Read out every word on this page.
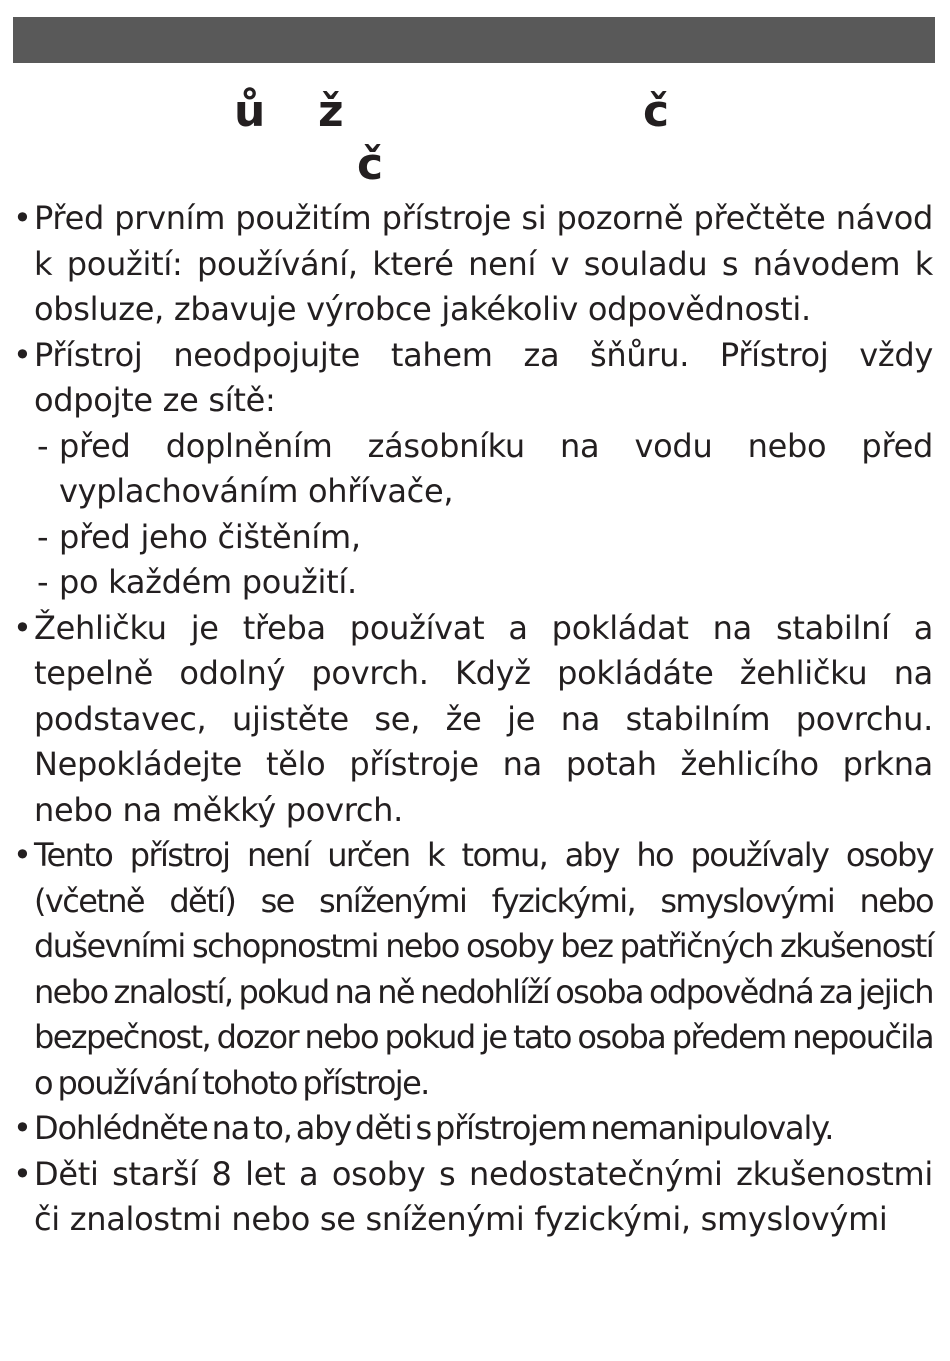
ů ž	č
č
• Před prvním použitím přístroje si pozorně přečtěte návod k použití: používání, které není v souladu s návodem k obsluze, zbavuje výrobce jakékoliv odpovědnosti.
• Přístroj neodpojujte tahem za šňůru. Přístroj vždy odpojte ze sítě:
- před doplněním zásobníku na vodu nebo před vyplachováním ohřívače,
- před jeho čištěním,
- po každém použití.
• Žehličku je třeba používat a pokládat na stabilní a tepelně odolný povrch. Když pokládáte žehličku na podstavec, ujistěte se, že je na stabilním povrchu. Nepokládejte tělo přístroje na potah žehlicího prkna nebo na měkký povrch.
• Tento přístroj není určen k tomu, aby ho používaly osoby (včetně dětí) se sníženými fyzickými, smyslovými nebo duševními schopnostmi nebo osoby bez patřičných zkušeností nebo znalostí, pokud na ně nedohlíží osoba odpovědná za jejich bezpečnost, dozor nebo pokud je tato osoba předem nepoučila o používání tohoto přístroje.
• Dohlédněte na to, aby děti s přístrojem nemanipulovaly.
• Děti starší 8 let a osoby s nedostatečnými zkušenostmi či znalostmi nebo se sníženými fyzickými, smyslovými
